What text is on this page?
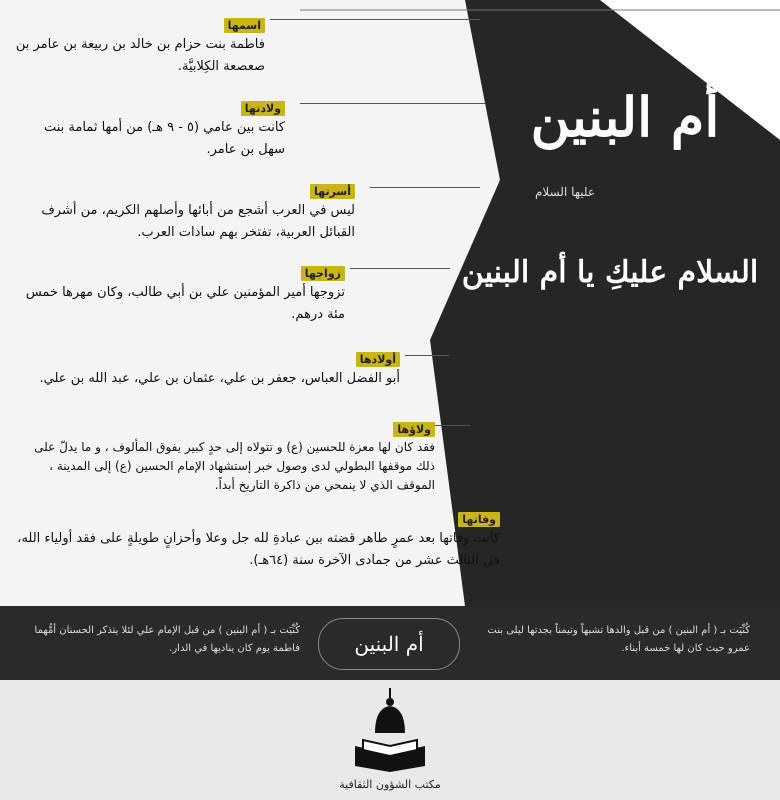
أم البنين
عليها السلام
السلام عليكِ يا أم البنين
اسمها
فاطمة بنت حزام بن خالد بن ربيعة بن عامر بن صعصعة الكِلابيَّة.
ولادتها
كانت بين عامي (٥ - ٩ هـ) من أمها ثمامة بنت سهل بن عامر.
أسرتها
ليس في العرب أشجع من أبائها وأصلهم الكريم، من أشرف القبائل العربية، تفتخر بهم سادات العرب.
زواجها
تزوجها أمير المؤمنين علي بن أبي طالب، وكان مهرها خمس مئة درهم.
أولادها
أبو الفضل العباس، جعفر بن علي، عثمان بن علي، عبد الله بن علي.
ولاؤها
فقد كان لها معزة للحسين (ع) و تتولاه إلى حدٍ كبير يفوق المألوف ، و ما يدلّ على ذلك موقفها البطولي لدى وصول خبر إستشهاد الإمام الحسين (ع) إلى المدينة ، الموقف الذي لا ينمحي من ذاكرة التاريخ أبداً.
وفاتها
كانت وفاتها بعد عمرٍ طاهر قضته بين عبادةِ لله جل وعلا وأحزانٍ طويلةٍ على فقد أولياء الله، في الثالث عشر من جمادى الآخرة سنة (٦٤هـ).
كُنِّيَت بـ ( أم البنين ) من قبل والدها تشبهاً وتيمناً بجدتها ليلى بنت عمرو حيث كان لها خمسة أبناء.
أم البنين
كُنِّيَت بـ ( أم البنين ) من قبل الإمام علي لئلا يتذكر الحسنان أمُّهما فاطمة يوم كان يناديها في الدار.
مكتب الشؤون الثقافية
